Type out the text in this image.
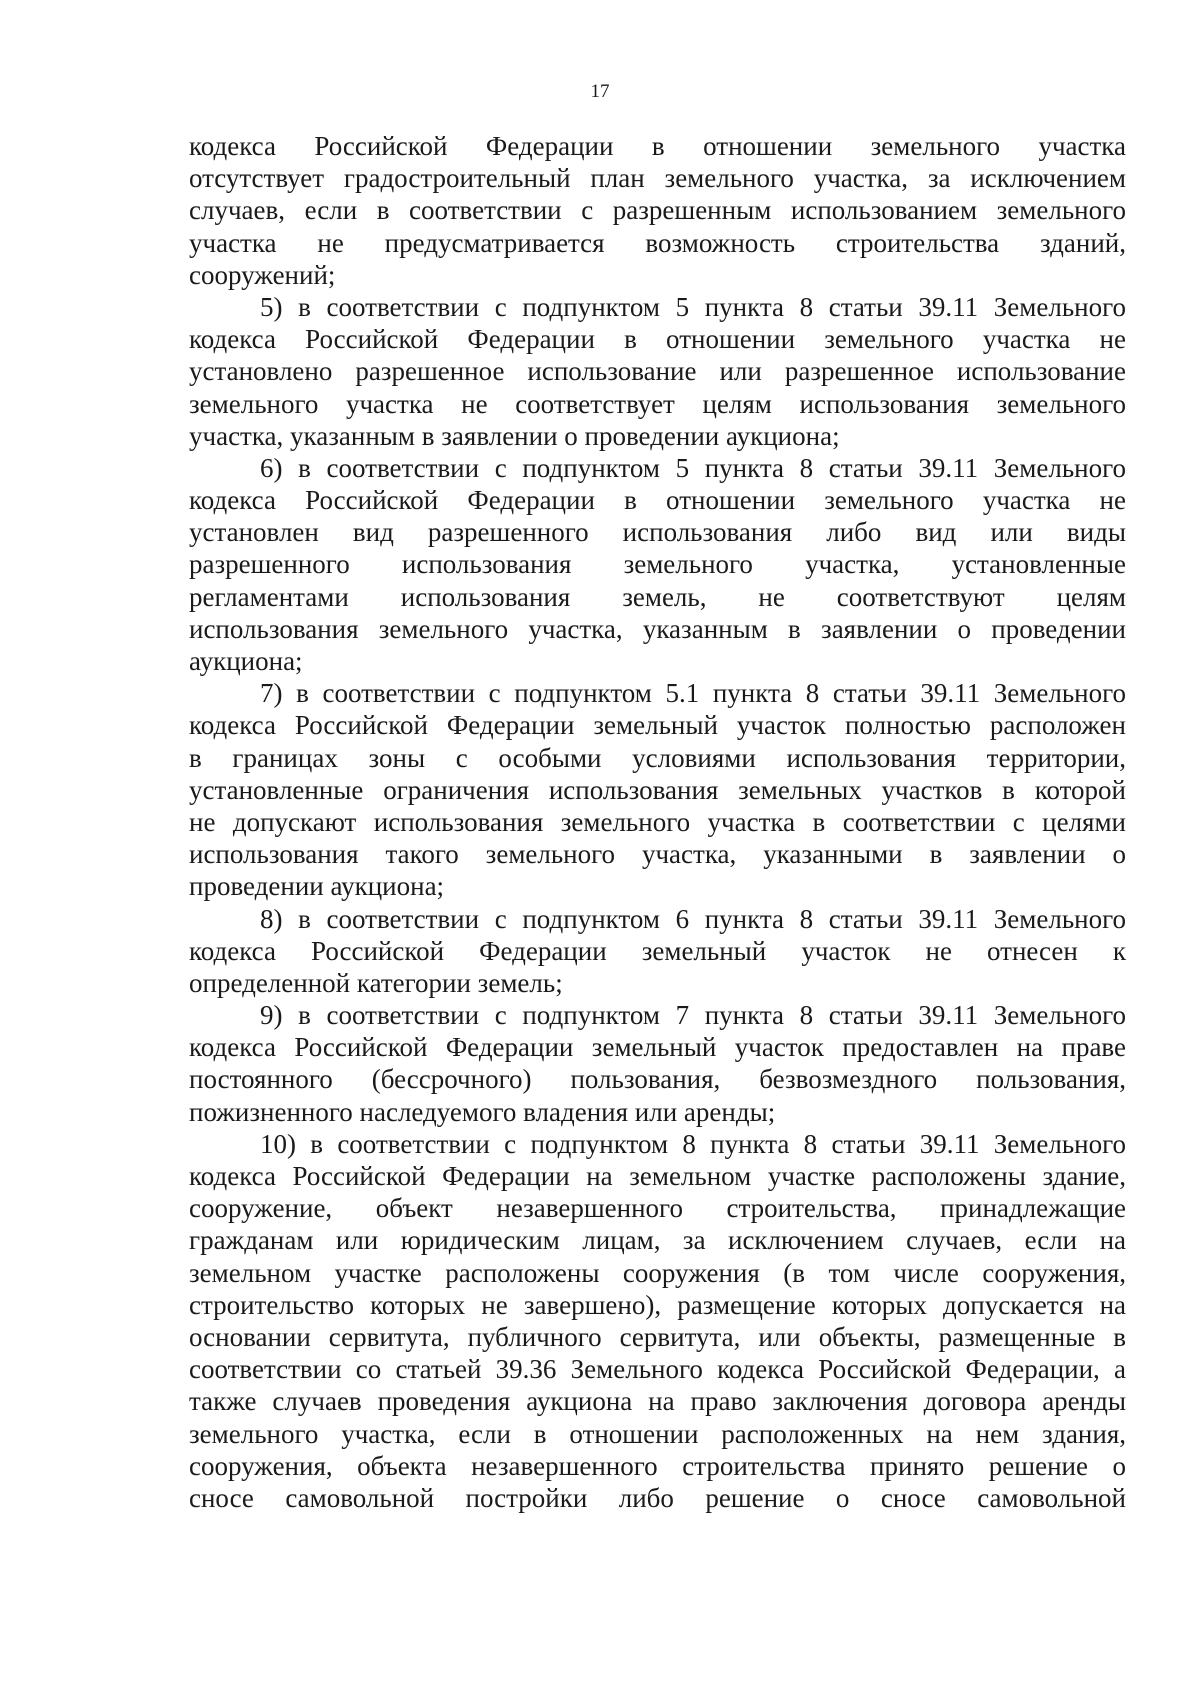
17
кодекса Российской Федерации в отношении земельного участка
отсутствует градостроительный план земельного участка, за исключением
случаев, если в соответствии с разрешенным использованием земельного
участка не предусматривается возможность строительства зданий,
сооружений;
5) в соответствии с подпунктом 5 пункта 8 статьи 39.11 Земельного
кодекса Российской Федерации в отношении земельного участка не
установлено разрешенное использование или разрешенное использование
земельного участка не соответствует целям использования земельного
участка, указанным в заявлении о проведении аукциона;
6) в соответствии с подпунктом 5 пункта 8 статьи 39.11 Земельного
кодекса Российской Федерации в отношении земельного участка не
установлен вид разрешенного использования либо вид или виды
разрешенного использования земельного участка, установленные
регламентами использования земель, не соответствуют целям
использования земельного участка, указанным в заявлении о проведении
аукциона;
7) в соответствии с подпунктом 5.1 пункта 8 статьи 39.11 Земельного
кодекса Российской Федерации земельный участок полностью расположен
в границах зоны с особыми условиями использования территории,
установленные ограничения использования земельных участков в которой
не допускают использования земельного участка в соответствии с целями
использования такого земельного участка, указанными в заявлении о
проведении аукциона;
8) в соответствии с подпунктом 6 пункта 8 статьи 39.11 Земельного
кодекса Российской Федерации земельный участок не отнесен к
определенной категории земель;
9) в соответствии с подпунктом 7 пункта 8 статьи 39.11 Земельного
кодекса Российской Федерации земельный участок предоставлен на праве
постоянного (бессрочного) пользования, безвозмездного пользования,
пожизненного наследуемого владения или аренды;
10) в соответствии с подпунктом 8 пункта 8 статьи 39.11 Земельного
кодекса Российской Федерации на земельном участке расположены здание,
сооружение, объект незавершенного строительства, принадлежащие
гражданам или юридическим лицам, за исключением случаев, если на
земельном участке расположены сооружения (в том числе сооружения,
строительство которых не завершено), размещение которых допускается на
основании сервитута, публичного сервитута, или объекты, размещенные в
соответствии со статьей 39.36 Земельного кодекса Российской Федерации, а
также случаев проведения аукциона на право заключения договора аренды
земельного участка, если в отношении расположенных на нем здания,
сооружения, объекта незавершенного строительства принято решение о
сносе самовольной постройки либо решение о сносе самовольной
